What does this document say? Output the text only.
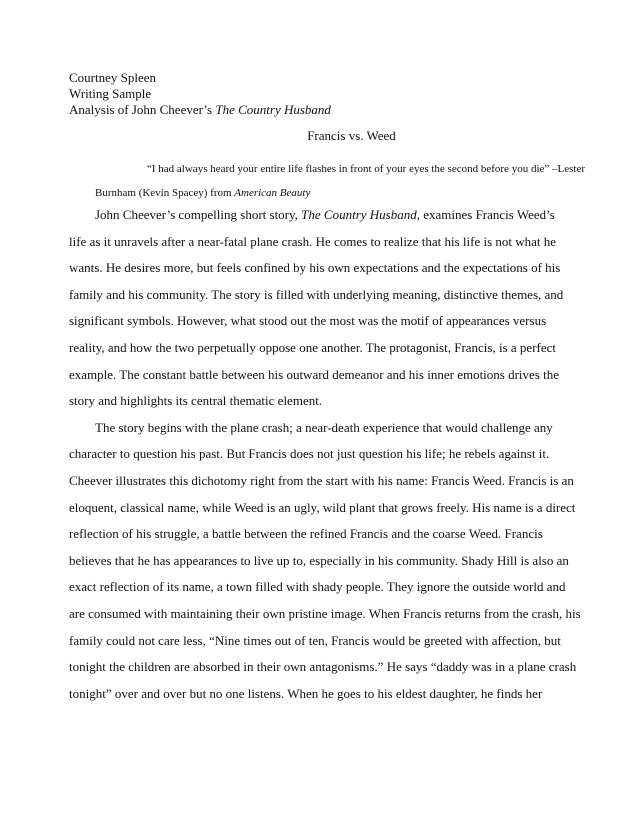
Courtney Spleen
Writing Sample
Analysis of John Cheever’s The Country Husband
Francis vs. Weed
“I had always heard your entire life flashes in front of your eyes the second before you die” –Lester
Burnham (Kevin Spacey) from American Beauty
John Cheever’s compelling short story, The Country Husband, examines Francis Weed’s
life as it unravels after a near-fatal plane crash. He comes to realize that his life is not what he
wants. He desires more, but feels confined by his own expectations and the expectations of his
family and his community. The story is filled with underlying meaning, distinctive themes, and
significant symbols. However, what stood out the most was the motif of appearances versus
reality, and how the two perpetually oppose one another. The protagonist, Francis, is a perfect
example. The constant battle between his outward demeanor and his inner emotions drives the
story and highlights its central thematic element.
The story begins with the plane crash; a near-death experience that would challenge any
character to question his past. But Francis does not just question his life; he rebels against it.
Cheever illustrates this dichotomy right from the start with his name: Francis Weed. Francis is an
eloquent, classical name, while Weed is an ugly, wild plant that grows freely. His name is a direct
reflection of his struggle, a battle between the refined Francis and the coarse Weed. Francis
believes that he has appearances to live up to, especially in his community. Shady Hill is also an
exact reflection of its name, a town filled with shady people. They ignore the outside world and
are consumed with maintaining their own pristine image. When Francis returns from the crash, his
family could not care less, “Nine times out of ten, Francis would be greeted with affection, but
tonight the children are absorbed in their own antagonisms.” He says “daddy was in a plane crash
tonight” over and over but no one listens. When he goes to his eldest daughter, he finds her
